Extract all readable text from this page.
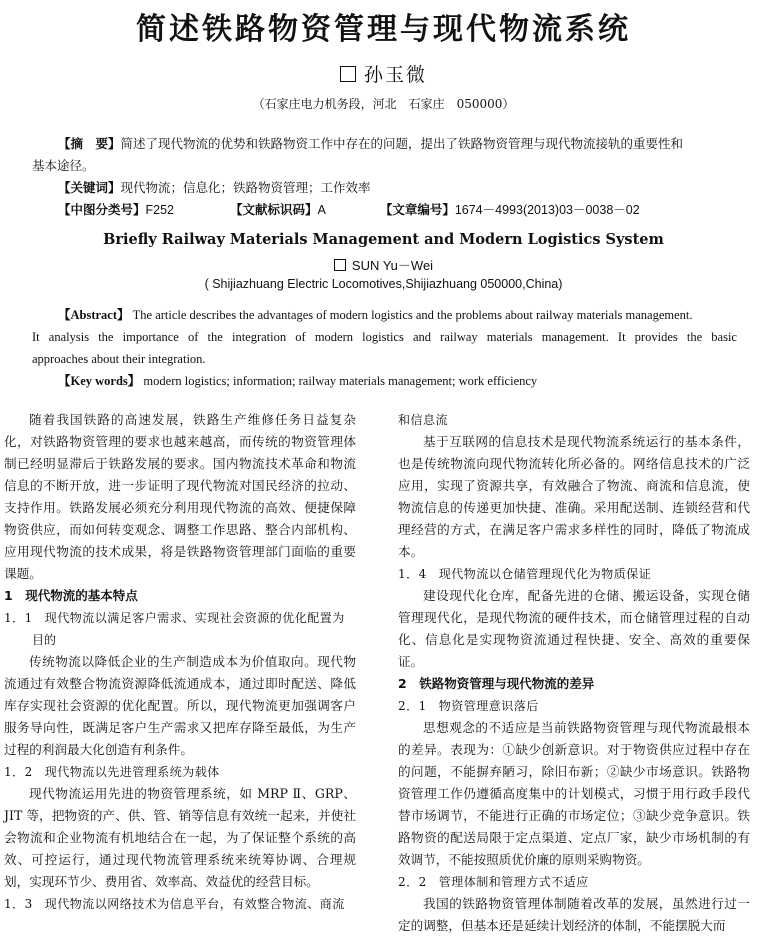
简述铁路物资管理与现代物流系统
孙玉微
（石家庄电力机务段，河北　石家庄　050000）
【摘　要】简述了现代物流的优势和铁路物资工作中存在的问题，提出了铁路物资管理与现代物流接轨的重要性和
基本途径。
【关键词】现代物流；信息化；铁路物资管理；工作效率
【中图分类号】F252	【文献标识码】A	【文章编号】1674－4993(2013)03－0038－02
Briefly Railway Materials Management and Modern Logistics System
SUN Yu－Wei
( Shijiazhuang Electric Locomotives,Shijiazhuang 050000,China)

【Abstract】 The article describes the advantages of modern logistics and the problems about railway materials management.

It analysis the importance of the integration of modern logistics and railway materials management. It provides the basic

approaches about their integration.

【Key words】 modern logistics; information; railway materials management; work efficiency

随着我国铁路的高速发展，铁路生产维修任务日益复杂化，对铁路物资管理的要求也越来越高，而传统的物资管理体制已经明显滞后于铁路发展的要求。国内物流技术革命和物流信息的不断开放，进一步证明了现代物流对国民经济的拉动、支持作用。铁路发展必须充分利用现代物流的高效、便捷保障物资供应，而如何转变观念、调整工作思路、整合内部机构、应用现代物流的技术成果，将是铁路物资管理部门面临的重要课题。

1　现代物流的基本特点

1．1 现代物流以满足客户需求、实现社会资源的优化配置为

目的

传统物流以降低企业的生产制造成本为价值取向。现代物流通过有效整合物流资源降低流通成本，通过即时配送、降低库存实现社会资源的优化配置。所以，现代物流更加强调客户服务导向性，既满足客户生产需求又把库存降至最低，为生产过程的利润最大化创造有利条件。

1．2 现代物流以先进管理系统为载体

现代物流运用先进的物资管理系统，如 MRP Ⅱ、GRP、JIT 等，把物资的产、供、管、销等信息有效统一起来，并使社会物流和企业物流有机地结合在一起，为了保证整个系统的高效、可控运行，通过现代物流管理系统来统筹协调、合理规划，实现环节少、费用省、效率高、效益优的经营目标。

1．3 现代物流以网络技术为信息平台，有效整合物流、商流

和信息流

基于互联网的信息技术是现代物流系统运行的基本条件，也是传统物流向现代物流转化所必备的。网络信息技术的广泛应用，实现了资源共享，有效融合了物流、商流和信息流，使物流信息的传递更加快捷、准确。采用配送制、连锁经营和代理经营的方式，在满足客户需求多样性的同时，降低了物流成本。

1．4 现代物流以仓储管理现代化为物质保证

建设现代化仓库，配备先进的仓储、搬运设备，实现仓储管理现代化，是现代物流的硬件技术，而仓储管理过程的自动化、信息化是实现物资流通过程快捷、安全、高效的重要保证。

2　铁路物资管理与现代物流的差异

2．1 物资管理意识落后

思想观念的不适应是当前铁路物资管理与现代物流最根本的差异。表现为：①缺少创新意识。对于物资供应过程中存在的问题，不能摒弃陋习，除旧布新；②缺少市场意识。铁路物资管理工作仍遵循高度集中的计划模式，习惯于用行政手段代替市场调节，不能进行正确的市场定位；③缺少竞争意识。铁路物资的配送局限于定点渠道、定点厂家，缺少市场机制的有效调节，不能按照质优价廉的原则采购物资。

2．2 管理体制和管理方式不适应

我国的铁路物资管理体制随着改革的发展，虽然进行过一定的调整，但基本还是延续计划经济的体制，不能摆脱大而
